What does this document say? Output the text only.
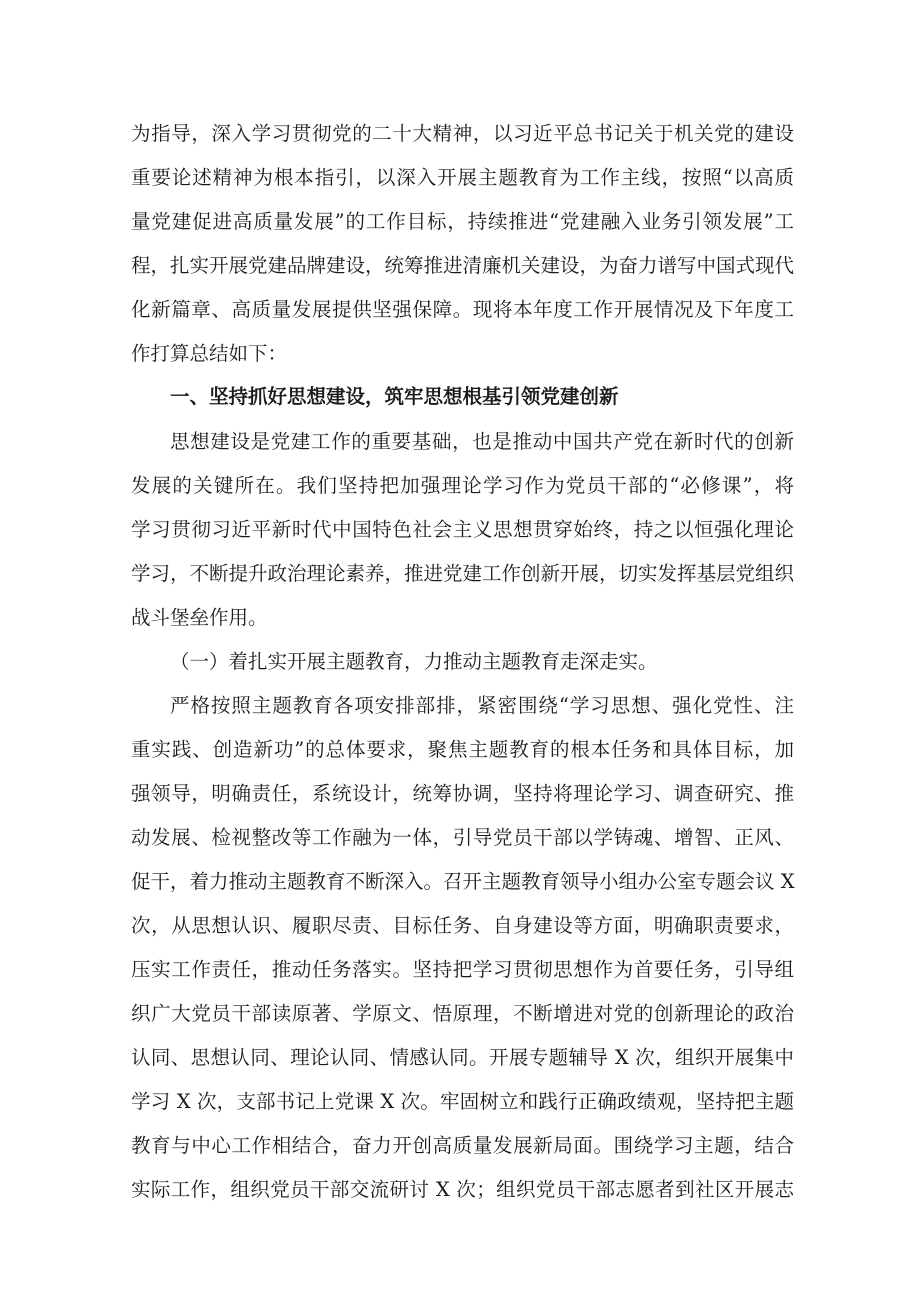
为指导，深入学习贯彻党的二十大精神，以习近平总书记关于机关党的建设
重要论述精神为根本指引，以深入开展主题教育为工作主线，按照“以高质
量党建促进高质量发展”的工作目标，持续推进“党建融入业务引领发展”工
程，扎实开展党建品牌建设，统筹推进清廉机关建设，为奋力谱写中国式现代
化新篇章、高质量发展提供坚强保障。现将本年度工作开展情况及下年度工
作打算总结如下：
一、坚持抓好思想建设，筑牢思想根基引领党建创新
思想建设是党建工作的重要基础，也是推动中国共产党在新时代的创新
发展的关键所在。我们坚持把加强理论学习作为党员干部的“必修课”，将
学习贯彻习近平新时代中国特色社会主义思想贯穿始终，持之以恒强化理论
学习，不断提升政治理论素养，推进党建工作创新开展，切实发挥基层党组织
战斗堡垒作用。
（一）着扎实开展主题教育，力推动主题教育走深走实。
严格按照主题教育各项安排部排，紧密围绕“学习思想、强化党性、注
重实践、创造新功”的总体要求，聚焦主题教育的根本任务和具体目标，加
强领导，明确责任，系统设计，统筹协调，坚持将理论学习、调查研究、推
动发展、检视整改等工作融为一体，引导党员干部以学铸魂、增智、正风、
促干，着力推动主题教育不断深入。召开主题教育领导小组办公室专题会议 X
次，从思想认识、履职尽责、目标任务、自身建设等方面，明确职责要求，
压实工作责任，推动任务落实。坚持把学习贯彻思想作为首要任务，引导组
织广大党员干部读原著、学原文、悟原理，不断增进对党的创新理论的政治
认同、思想认同、理论认同、情感认同。开展专题辅导 X 次，组织开展集中
学习 X 次，支部书记上党课 X 次。牢固树立和践行正确政绩观，坚持把主题
教育与中心工作相结合，奋力开创高质量发展新局面。围绕学习主题，结合
实际工作，组织党员干部交流研讨 X 次；组织党员干部志愿者到社区开展志
